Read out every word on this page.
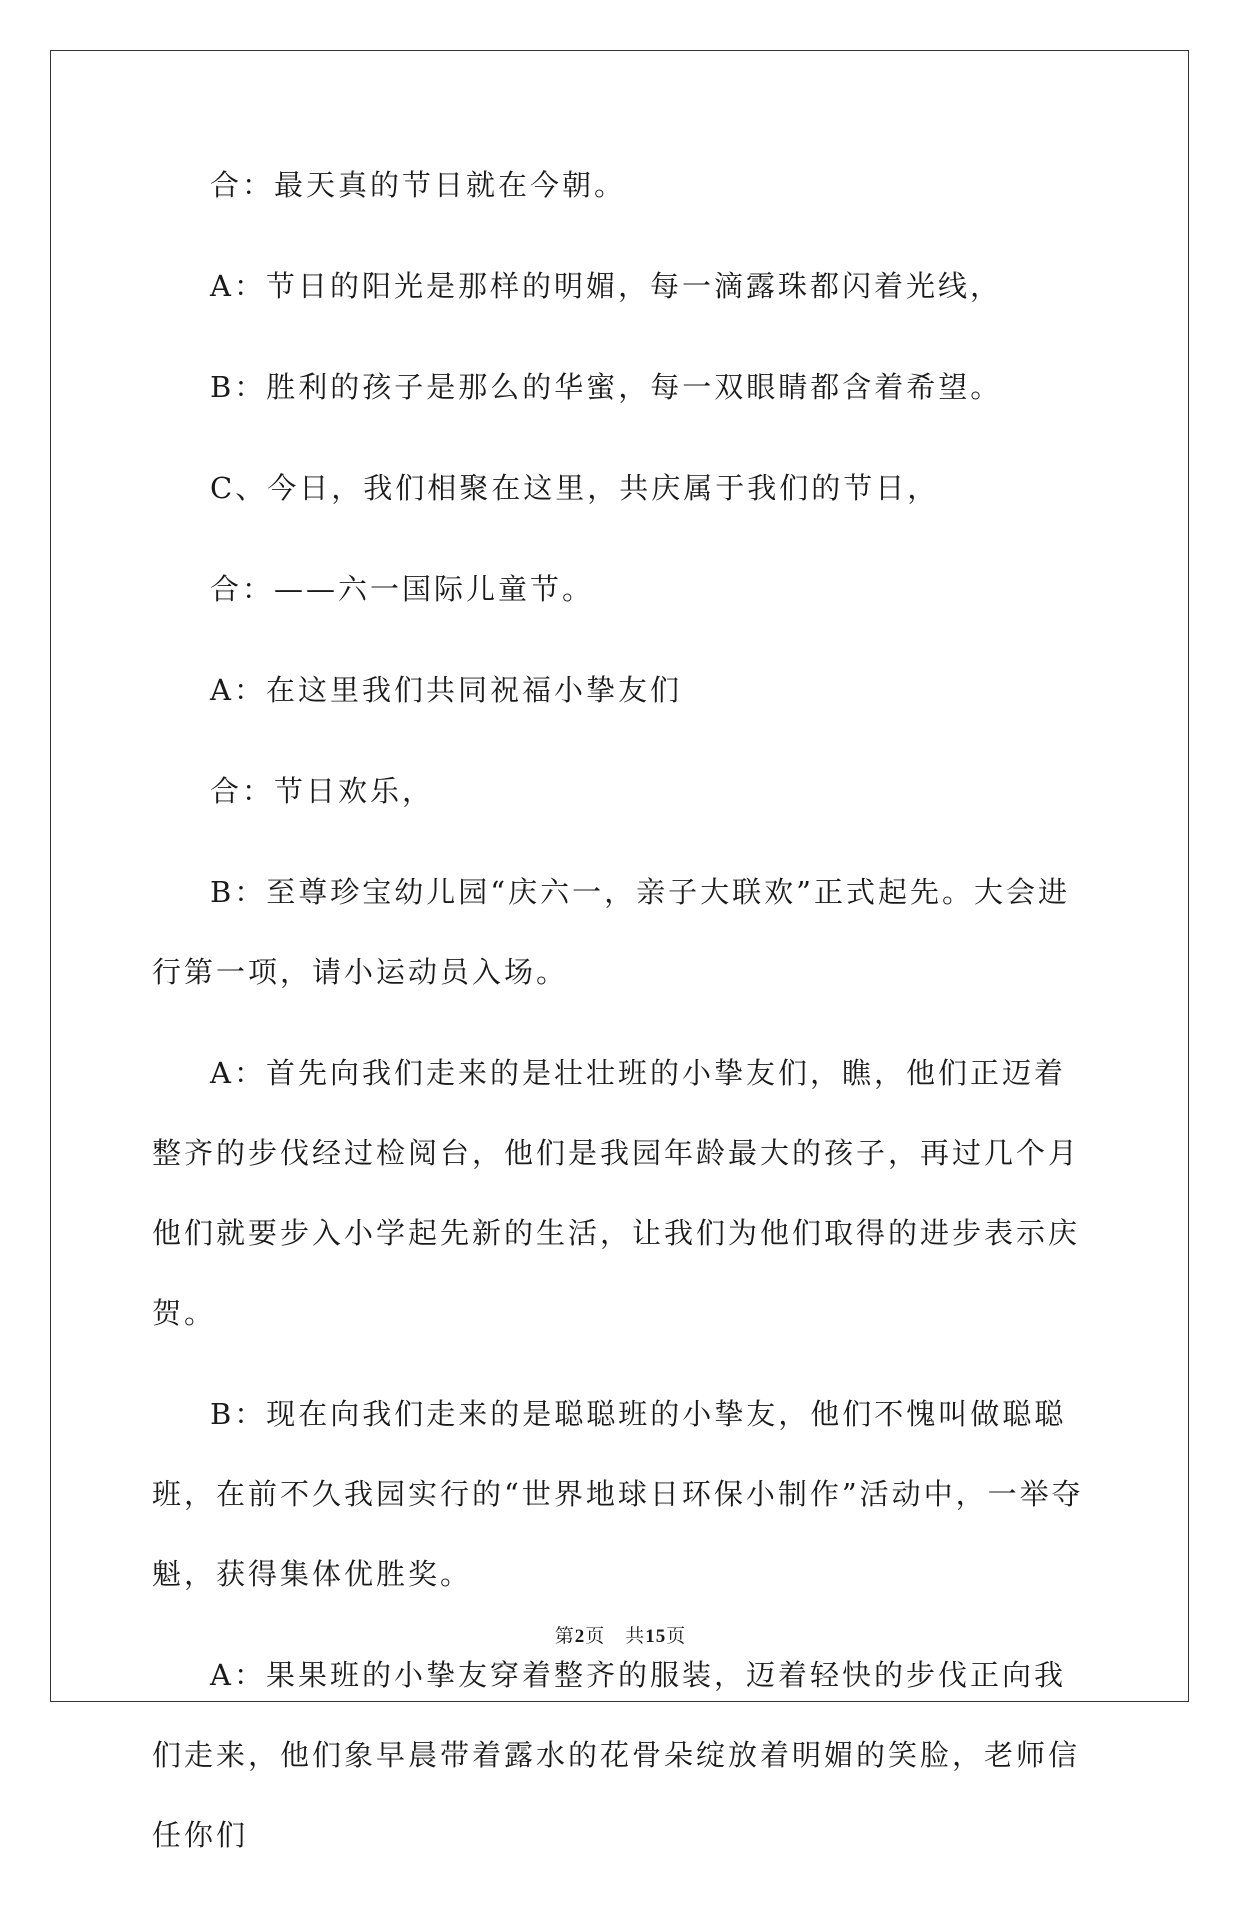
合：最天真的节日就在今朝。

A：节日的阳光是那样的明媚，每一滴露珠都闪着光线，

B：胜利的孩子是那么的华蜜，每一双眼睛都含着希望。

C、今日，我们相聚在这里，共庆属于我们的节日，

合：——六一国际儿童节。

A：在这里我们共同祝福小挚友们

合：节日欢乐，

B：至尊珍宝幼儿园“庆六一，亲子大联欢”正式起先。大会进行第一项，请小运动员入场。

A：首先向我们走来的是壮壮班的小挚友们，瞧，他们正迈着整齐的步伐经过检阅台，他们是我园年龄最大的孩子，再过几个月他们就要步入小学起先新的生活，让我们为他们取得的进步表示庆贺。

B：现在向我们走来的是聪聪班的小挚友，他们不愧叫做聪聪班，在前不久我园实行的“世界地球日环保小制作”活动中，一举夺魁，获得集体优胜奖。

A：果果班的小挚友穿着整齐的服装，迈着轻快的步伐正向我们走来，他们象早晨带着露水的花骨朵绽放着明媚的笑脸，老师信任你们

第2页 共15页
